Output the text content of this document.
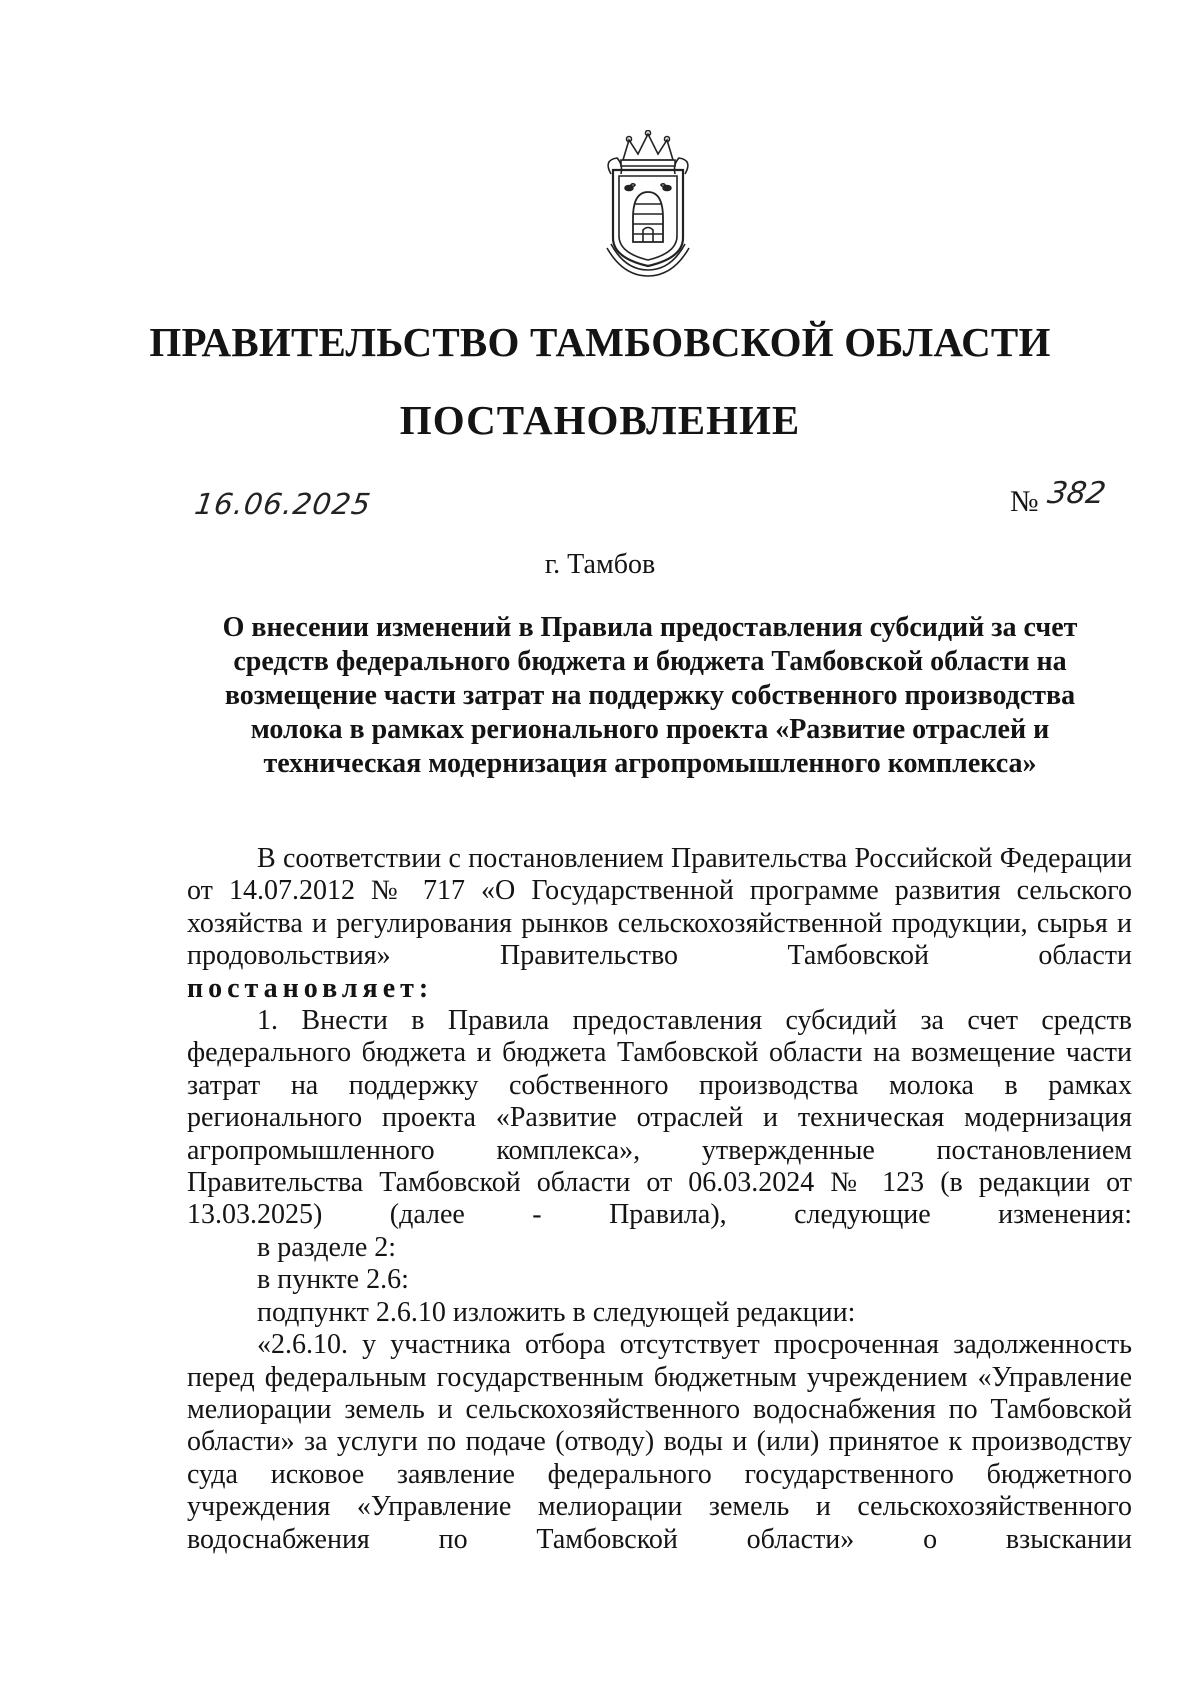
ПРАВИТЕЛЬСТВО ТАМБОВСКОЙ ОБЛАСТИ
ПОСТАНОВЛЕНИЕ
16.06.2025	№ 382
г. Тамбов
О внесении изменений в Правила предоставления субсидий за счет средств федерального бюджета и бюджета Тамбовской области на возмещение части затрат на поддержку собственного производства молока в рамках регионального проекта «Развитие отраслей и техническая модернизация агропромышленного комплекса»

В соответствии с постановлением Правительства Российской Федерации от 14.07.2012 № 717 «О Государственной программе развития сельского хозяйства и регулирования рынков сельскохозяйственной продукции, сырья и продовольствия» Правительство Тамбовской области

постановляет:

1. Внести в Правила предоставления субсидий за счет средств федерального бюджета и бюджета Тамбовской области на возмещение части затрат на поддержку собственного производства молока в рамках регионального проекта «Развитие отраслей и техническая модернизация агропромышленного комплекса», утвержденные постановлением Правительства Тамбовской области от 06.03.2024 № 123 (в редакции от 13.03.2025) (далее - Правила), следующие изменения:

в разделе 2:

в пункте 2.6:

подпункт 2.6.10 изложить в следующей редакции:

«2.6.10. у участника отбора отсутствует просроченная задолженность перед федеральным государственным бюджетным учреждением «Управление мелиорации земель и сельскохозяйственного водоснабжения по Тамбовской области» за услуги по подаче (отводу) воды и (или) принятое к производству суда исковое заявление федерального государственного бюджетного учреждения «Управление мелиорации земель и сельскохозяйственного водоснабжения по Тамбовской области» о взыскании
